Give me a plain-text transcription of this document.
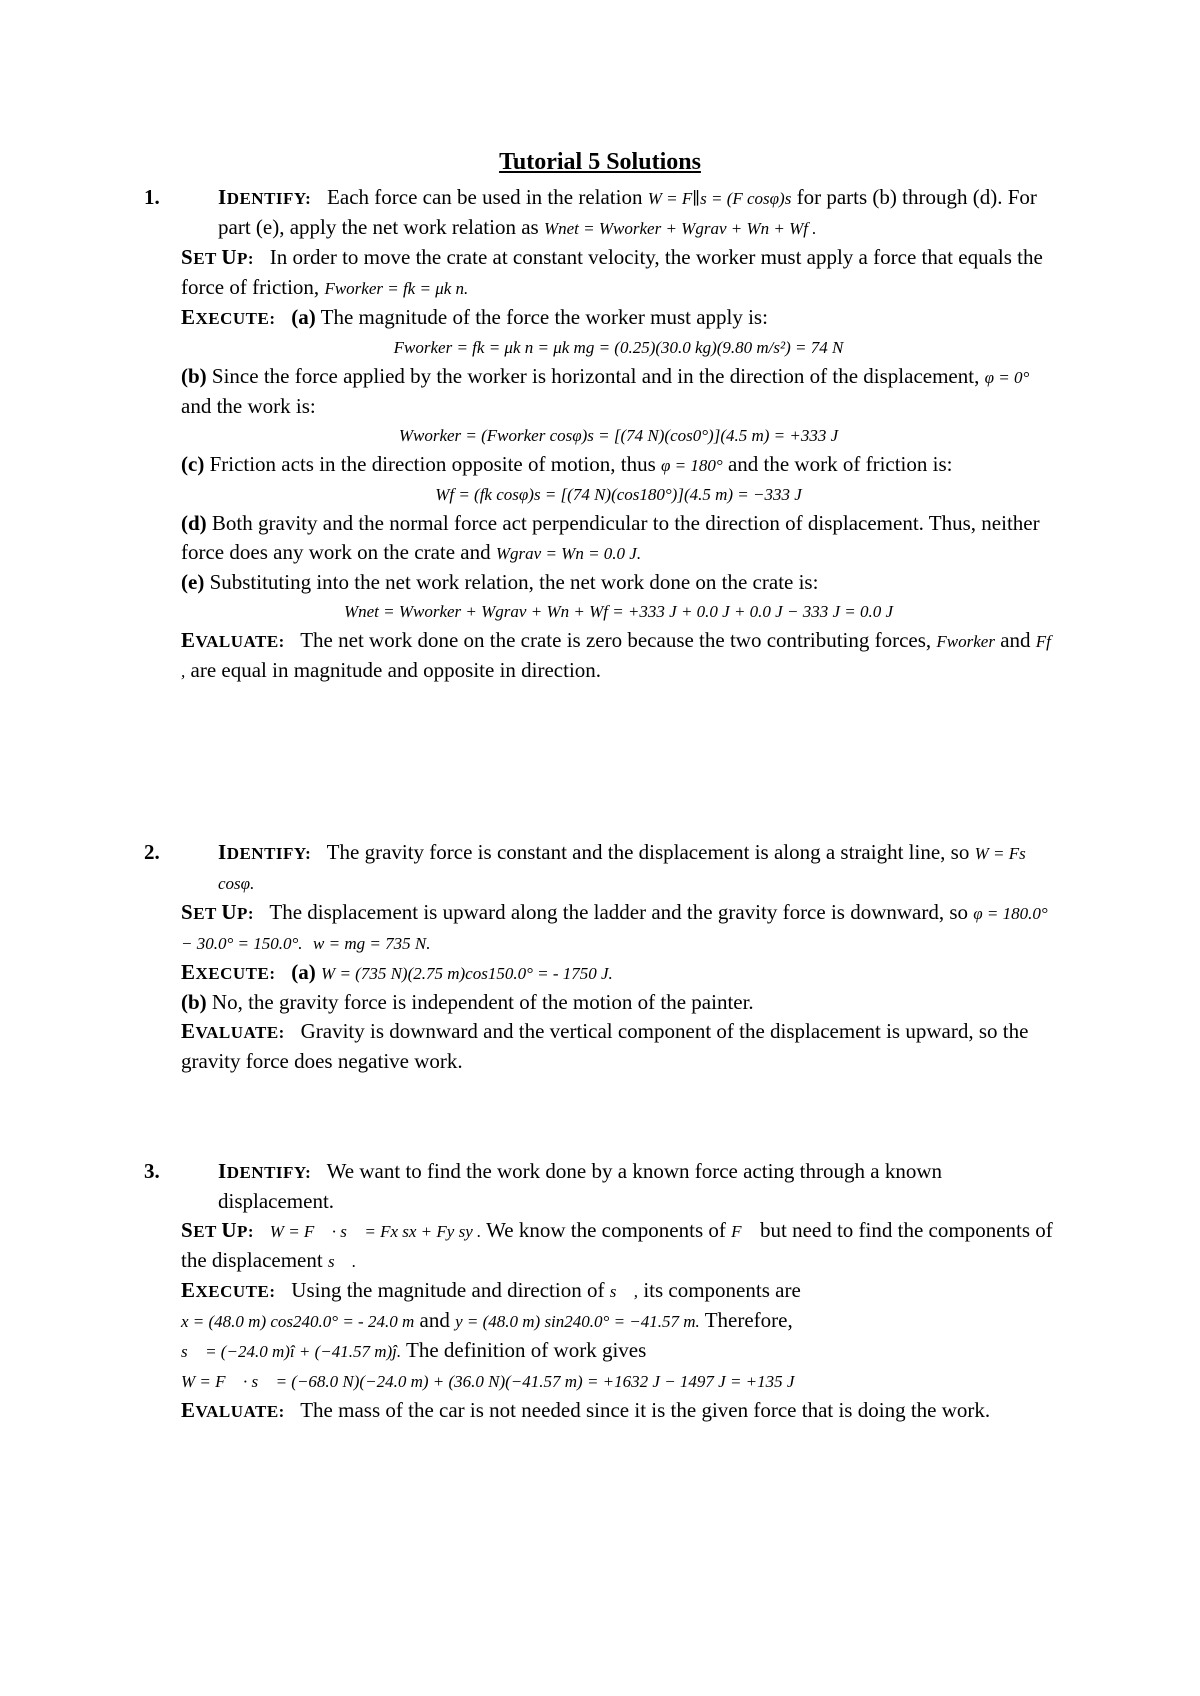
Tutorial 5 Solutions

1.	IDENTIFY: Each force can be used in the relation W = F∥s = (F cosφ)s for parts (b) through (d). For part (e), apply the net work relation as Wnet = Wworker + Wgrav + Wn + Wf .

SET UP: In order to move the crate at constant velocity, the worker must apply a force that equals the force of friction, Fworker = fk = μk n.

EXECUTE: (a) The magnitude of the force the worker must apply is:

Fworker = fk = μk n = μk mg = (0.25)(30.0 kg)(9.80 m/s²) = 74 N

(b) Since the force applied by the worker is horizontal and in the direction of the displacement, φ = 0° and the work is:

Wworker = (Fworker cosφ)s = [(74 N)(cos0°)](4.5 m) = +333 J

(c) Friction acts in the direction opposite of motion, thus φ = 180° and the work of friction is:

Wf = (fk cosφ)s = [(74 N)(cos180°)](4.5 m) = −333 J

(d) Both gravity and the normal force act perpendicular to the direction of displacement. Thus, neither force does any work on the crate and Wgrav = Wn = 0.0 J.

(e) Substituting into the net work relation, the net work done on the crate is:

Wnet = Wworker + Wgrav + Wn + Wf = +333 J + 0.0 J + 0.0 J − 333 J = 0.0 J

EVALUATE: The net work done on the crate is zero because the two contributing forces, Fworker and Ff , are equal in magnitude and opposite in direction.

2.	IDENTIFY: The gravity force is constant and the displacement is along a straight line, so W = Fs cosφ.

SET UP: The displacement is upward along the ladder and the gravity force is downward, so φ = 180.0° − 30.0° = 150.0°. w = mg = 735 N.

EXECUTE: (a) W = (735 N)(2.75 m)cos150.0° = - 1750 J.

(b) No, the gravity force is independent of the motion of the painter.

EVALUATE: Gravity is downward and the vertical component of the displacement is upward, so the gravity force does negative work.

3.	IDENTIFY: We want to find the work done by a known force acting through a known displacement.

SET UP: W = F⃗ · s⃗ = Fx sx + Fy sy . We know the components of F⃗ but need to find the components of the displacement s⃗ .

EXECUTE: Using the magnitude and direction of s⃗ , its components are

x = (48.0 m) cos240.0° = - 24.0 m and y = (48.0 m) sin240.0° = −41.57 m. Therefore,

s⃗ = (−24.0 m)î + (−41.57 m)ĵ. The definition of work gives

W = F⃗ · s⃗ = (−68.0 N)(−24.0 m) + (36.0 N)(−41.57 m) = +1632 J − 1497 J = +135 J

EVALUATE: The mass of the car is not needed since it is the given force that is doing the work.
